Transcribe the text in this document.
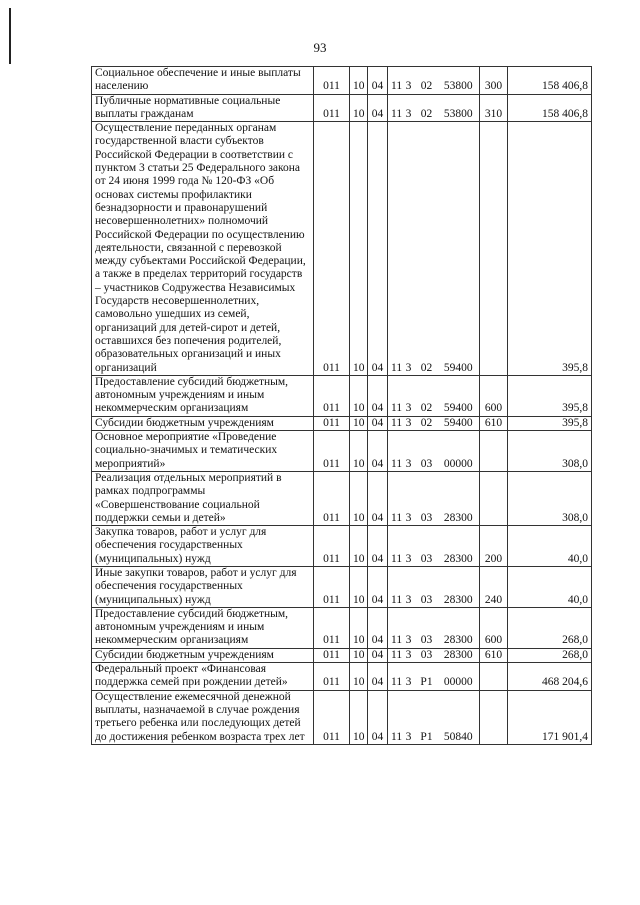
93
Социальное обеспечение и иные выплаты населению	011	10	04	11	3	02	53800	300	158 406,8
Публичные нормативные социальные выплаты гражданам	011	10	04	11	3	02	53800	310	158 406,8
Осуществление переданных органам государственной власти субъектов Российской Федерации в соответствии с пунктом 3 статьи 25 Федерального закона от 24 июня 1999 года № 120-ФЗ «Об основах системы профилактики безнадзорности и правонарушений несовершеннолетних» полномочий Российской Федерации по осуществлению деятельности, связанной с перевозкой между субъектами Российской Федерации, а также в пределах территорий государств – участников Содружества Независимых Государств несовершеннолетних, самовольно ушедших из семей, организаций для детей-сирот и детей, оставшихся без попечения родителей, образовательных организаций и иных организаций	011	10	04	11	3	02	59400		395,8
Предоставление субсидий бюджетным, автономным учреждениям и иным некоммерческим организациям	011	10	04	11	3	02	59400	600	395,8
Субсидии бюджетным учреждениям	011	10	04	11	3	02	59400	610	395,8
Основное мероприятие «Проведение социально-значимых и тематических мероприятий»	011	10	04	11	3	03	00000		308,0
Реализация отдельных мероприятий в рамках подпрограммы «Совершенствование социальной поддержки семьи и детей»	011	10	04	11	3	03	28300		308,0
Закупка товаров, работ и услуг для обеспечения государственных (муниципальных) нужд	011	10	04	11	3	03	28300	200	40,0
Иные закупки товаров, работ и услуг для обеспечения государственных (муниципальных) нужд	011	10	04	11	3	03	28300	240	40,0
Предоставление субсидий бюджетным, автономным учреждениям и иным некоммерческим организациям	011	10	04	11	3	03	28300	600	268,0
Субсидии бюджетным учреждениям	011	10	04	11	3	03	28300	610	268,0
Федеральный проект «Финансовая поддержка семей при рождении детей»	011	10	04	11	3	Р1	00000		468 204,6
Осуществление ежемесячной денежной выплаты, назначаемой в случае рождения третьего ребенка или последующих детей до достижения ребенком возраста трех лет	011	10	04	11	3	Р1	50840		171 901,4
